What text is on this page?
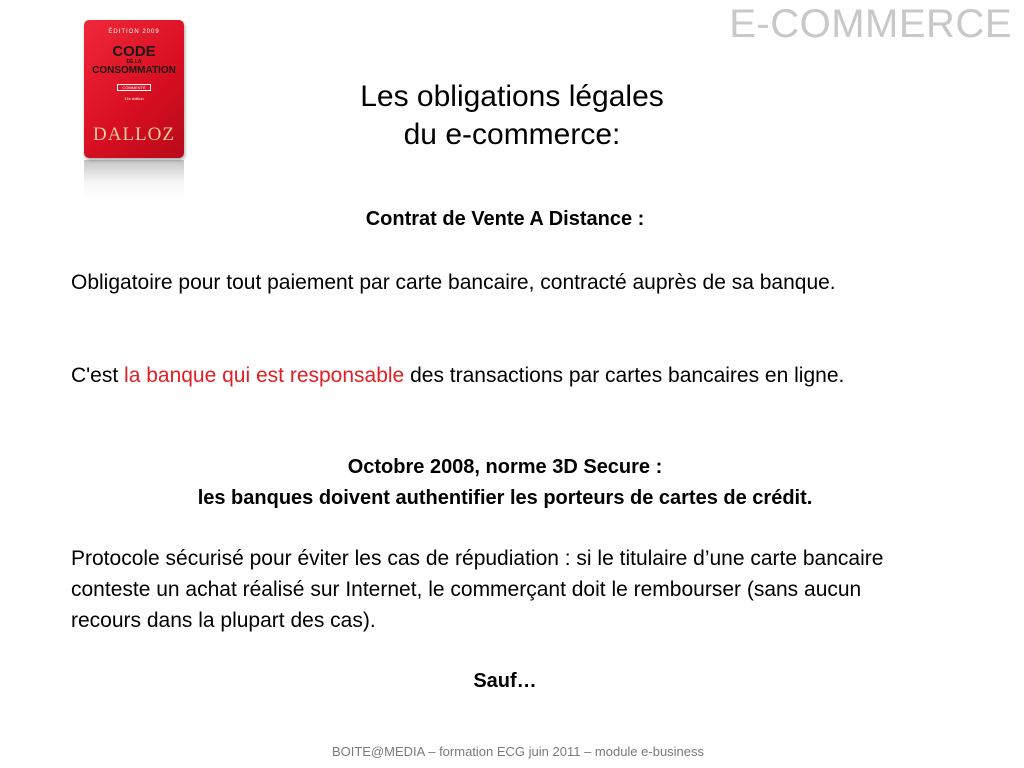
E-COMMERCE
ÉDITION 2009
CODE
DE LA
CONSOMMATION
COMMENTÉ
14e édition
DALLOZ
Les obligations légales
du e-commerce:
Contrat de Vente A Distance :
Obligatoire pour tout paiement par carte bancaire, contracté auprès de sa banque.
C'est la banque qui est responsable des transactions par cartes bancaires en ligne.
Octobre 2008, norme 3D Secure :
les banques doivent authentifier les porteurs de cartes de crédit.
Protocole sécurisé pour éviter les cas de répudiation : si le titulaire d’une carte bancaire conteste un achat réalisé sur Internet, le commerçant doit le rembourser (sans aucun recours dans la plupart des cas).
Sauf…
BOITE@MEDIA – formation ECG juin 2011 – module e-business
